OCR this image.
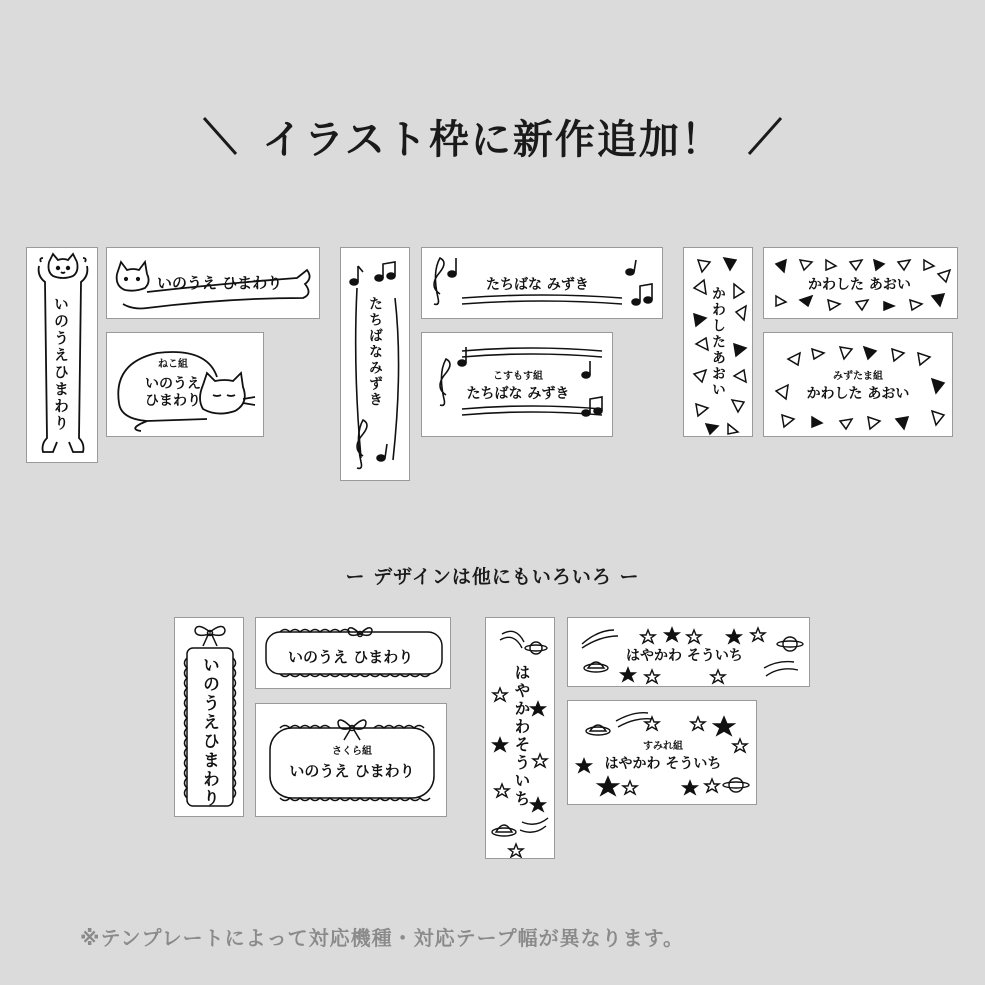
イラスト枠に新作追加！
いのうえひまわり
いのうえ ひまわり
ねこ組
いのうえ
ひまわり	たちばなみずき
たちばな みずき
こすもす組
たちばな みずき	かわしたあおい
かわした あおい
みずたま組
かわした あおい
ー デザインは他にもいろいろ ー
いのうえひまわり	いのうえ ひまわり
さくら組
いのうえ ひまわり	はやかわそういち
はやかわ そういち
すみれ組
はやかわ そういち
※テンプレートによって対応機種・対応テープ幅が異なります。
